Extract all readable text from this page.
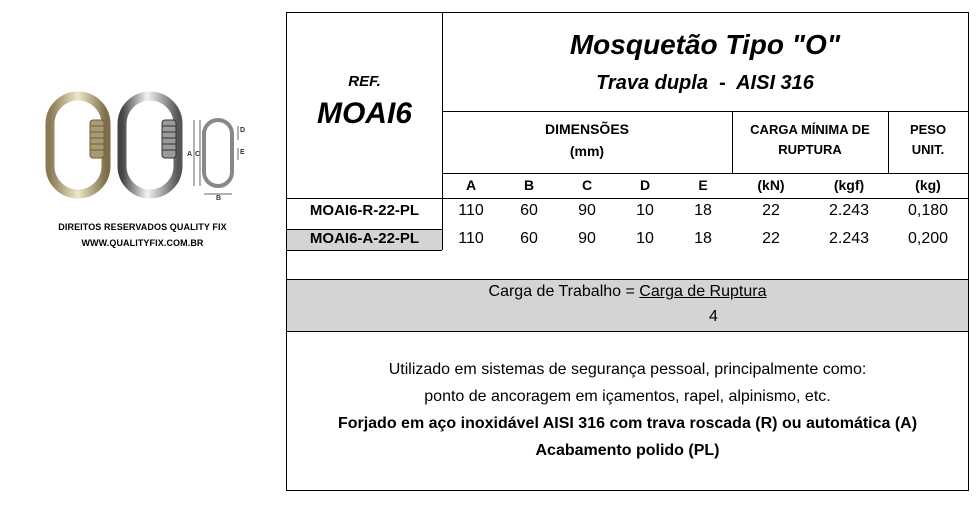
A C
B
D
E
DIREITOS RESERVADOS QUALITY FIX
WWW.QUALITYFIX.COM.BR
REF.
MOAI6
Mosquetão Tipo "O"
Trava dupla  -  AISI 316
DIMENSÕES
(mm)
CARGA MÍNIMA DE
RUPTURA
PESO
UNIT.
A	B	C	D	E	(kN)	(kgf)	(kg)
MOAI6-R-22-PL	110	60	90	10	18	22	2.243	0,180
MOAI6-A-22-PL	110	60	90	10	18	22	2.243	0,200
Carga de Trabalho = Carga de Ruptura
4
Utilizado em sistemas de segurança pessoal, principalmente como:
ponto de ancoragem em içamentos, rapel, alpinismo, etc.
Forjado em aço inoxidável AISI 316 com trava roscada (R) ou automática (A)
Acabamento polido (PL)
